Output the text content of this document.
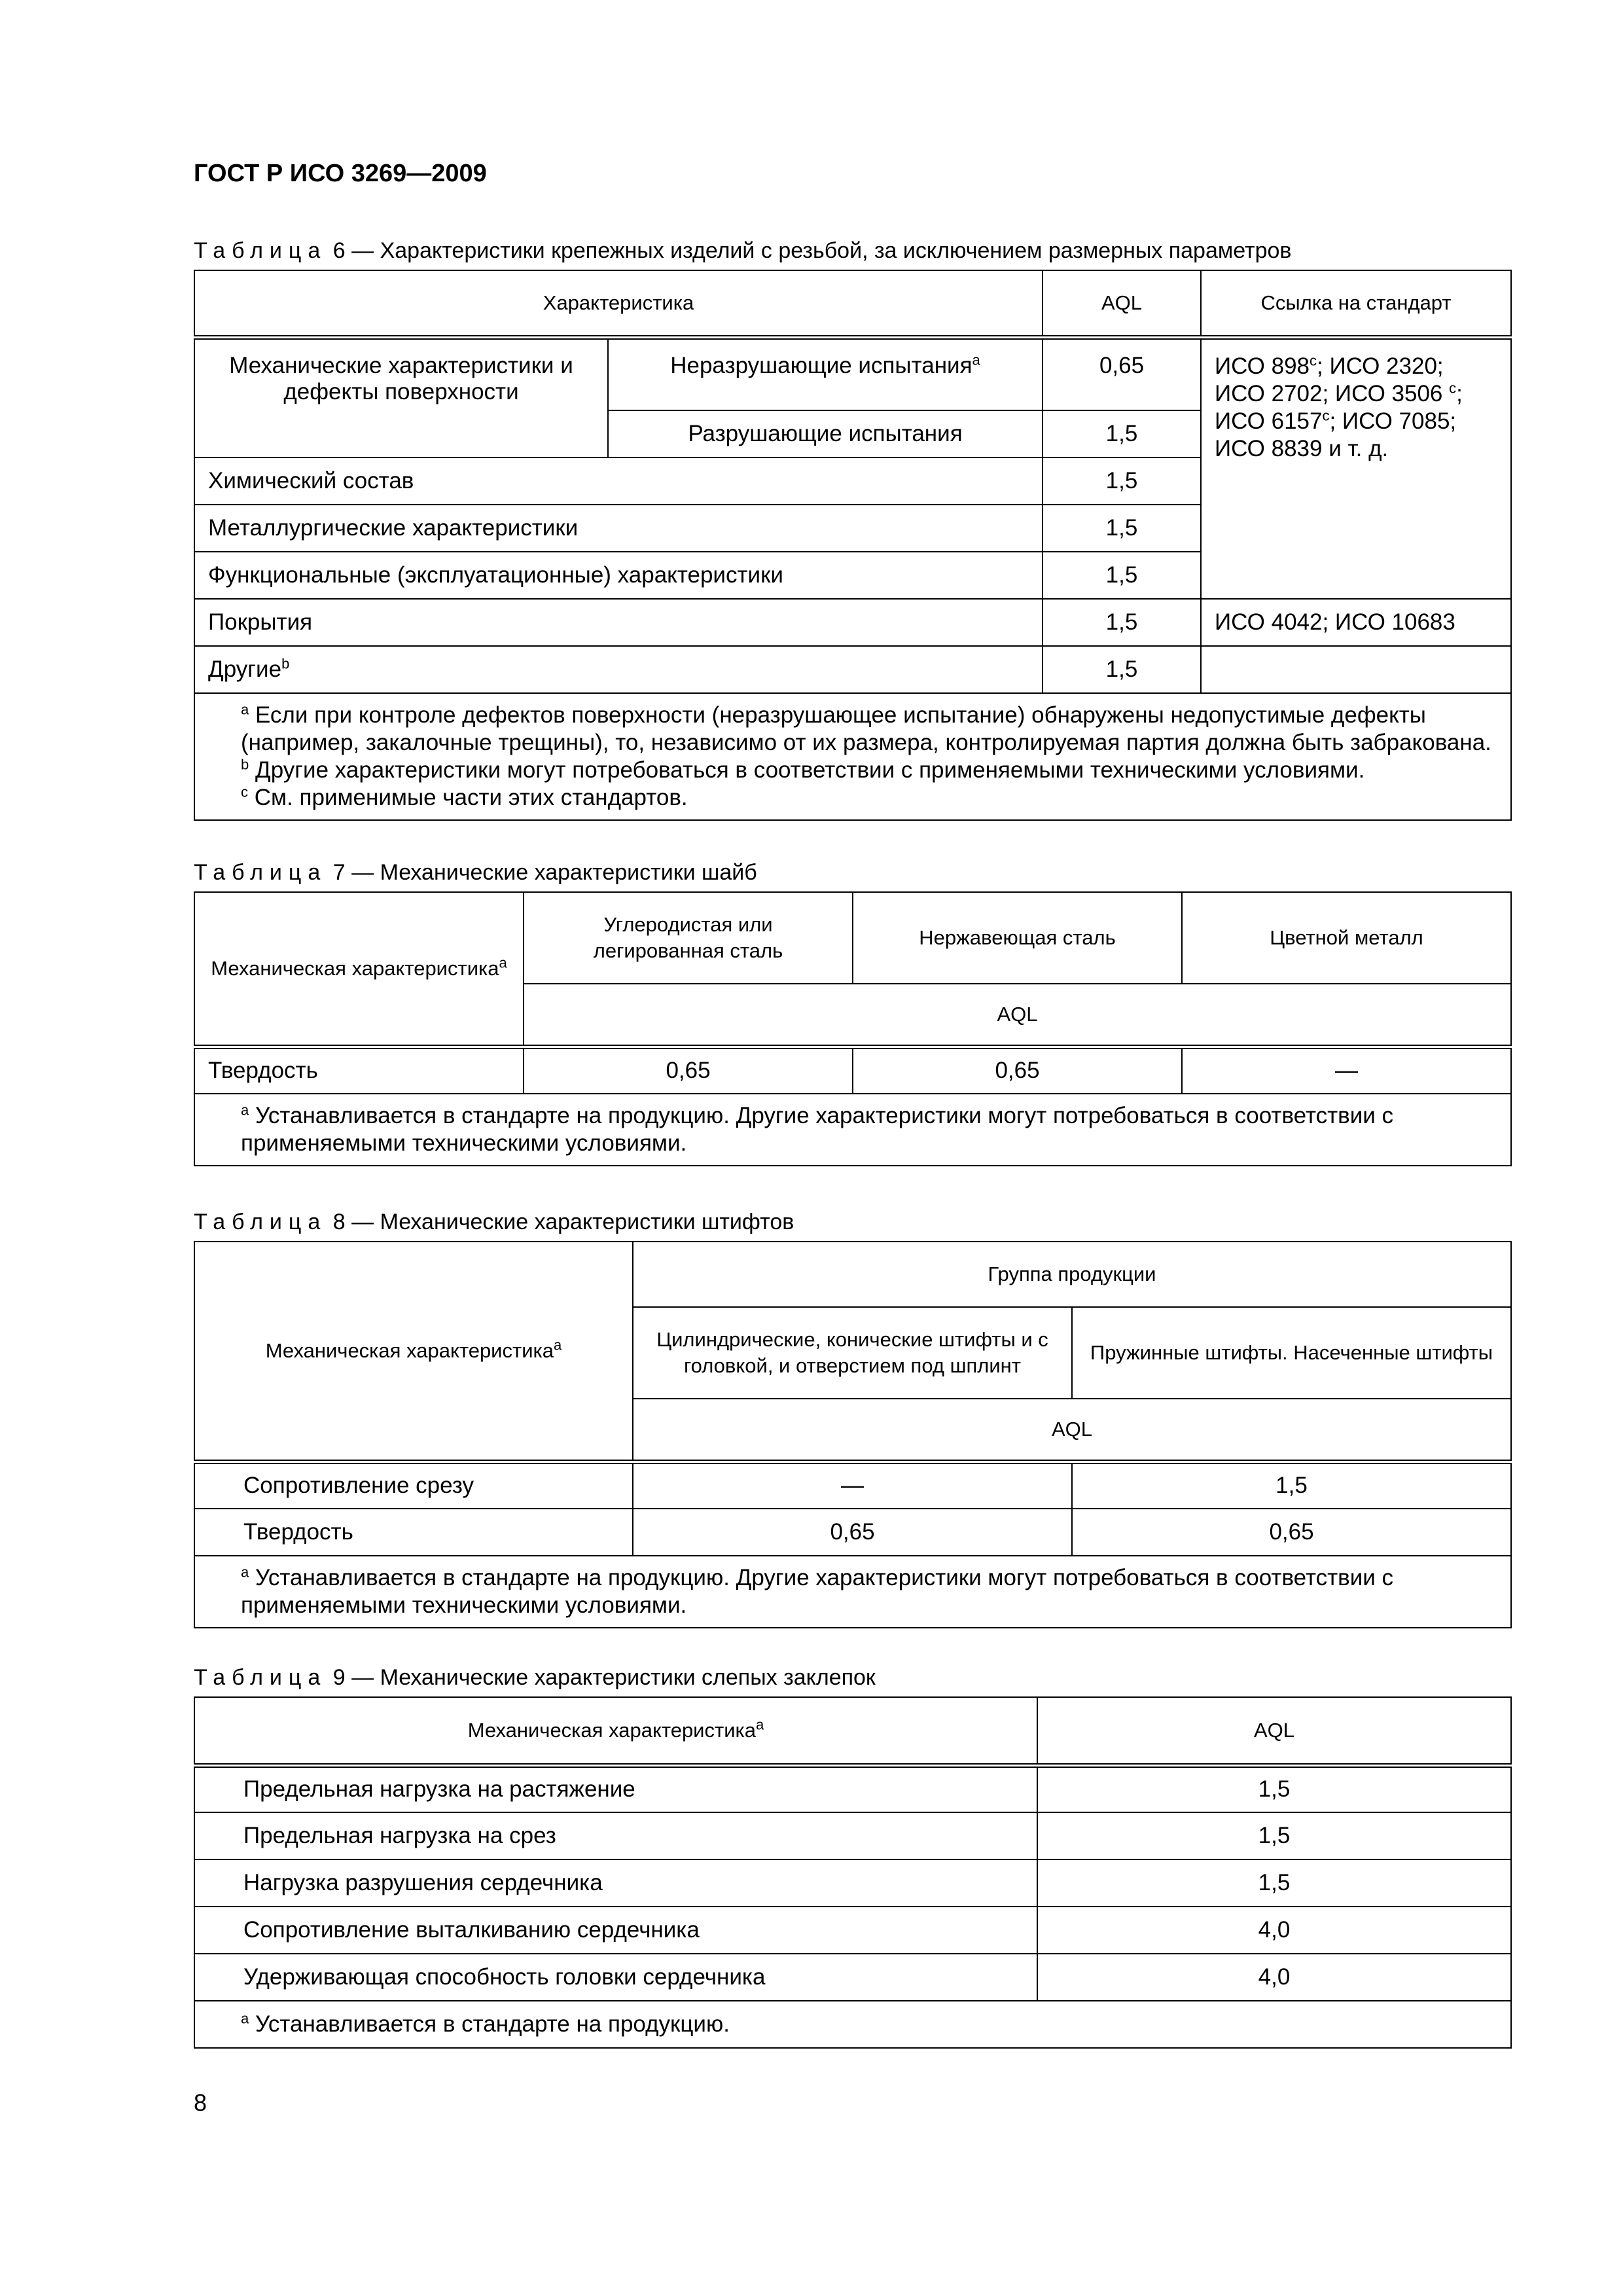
ГОСТ Р ИСО 3269—2009
Таблица 6 — Характеристики крепежных изделий с резьбой, за исключением размерных параметров
Характеристика		AQL	Ссылка на стандарт
Механические характеристики и дефекты поверхности	Неразрушающие испытания$^a$	0,65	ИСО 898$^c$; ИСО 2320; ИСО 2702; ИСО 3506 $^c$; ИСО 6157$^c$; ИСО 7085; ИСО 8839 и т. д.
	Разрушающие испытания	1,5	
Химический состав		1,5	
Металлургические характеристики		1,5	
Функциональные (эксплуатационные) характеристики		1,5	
Покрытия		1,5	ИСО 4042; ИСО 10683
Другие$^b$		1,5	

$^a$ Если при контроле дефектов поверхности (неразрушающее испытание) обнаружены недопустимые дефекты (например, закалочные трещины), то, независимо от их размера, контролируемая партия должна быть забракована.
$^b$ Другие характеристики могут потребоваться в соответствии с применяемыми техническими условиями.
$^c$ См. применимые части этих стандартов.			
Таблица 7 — Механические характеристики шайб
Механическая характеристика$^a$	Углеродистая или легированная сталь	Нержавеющая сталь	Цветной металл
	AQL		
Твердость	0,65	0,65	—

$^a$ Устанавливается в стандарте на продукцию. Другие характеристики могут потребоваться в соответствии с применяемыми техническими условиями.			
Таблица 8 — Механические характеристики штифтов
Механическая характеристика$^a$	Группа продукции	
	Цилиндрические, конические штифты и с головкой, и отверстием под шплинт	Пружинные штифты. Насеченные штифты
	AQL	
Сопротивление срезу	—	1,5
Твердость	0,65	0,65

$^a$ Устанавливается в стандарте на продукцию. Другие характеристики могут потребоваться в соответствии с применяемыми техническими условиями.		
Таблица 9 — Механические характеристики слепых заклепок
Механическая характеристика$^a$	AQL
Предельная нагрузка на растяжение	1,5
Предельная нагрузка на срез	1,5
Нагрузка разрушения сердечника	1,5
Сопротивление выталкиванию сердечника	4,0
Удерживающая способность головки сердечника	4,0
$^a$ Устанавливается в стандарте на продукцию.	
8
